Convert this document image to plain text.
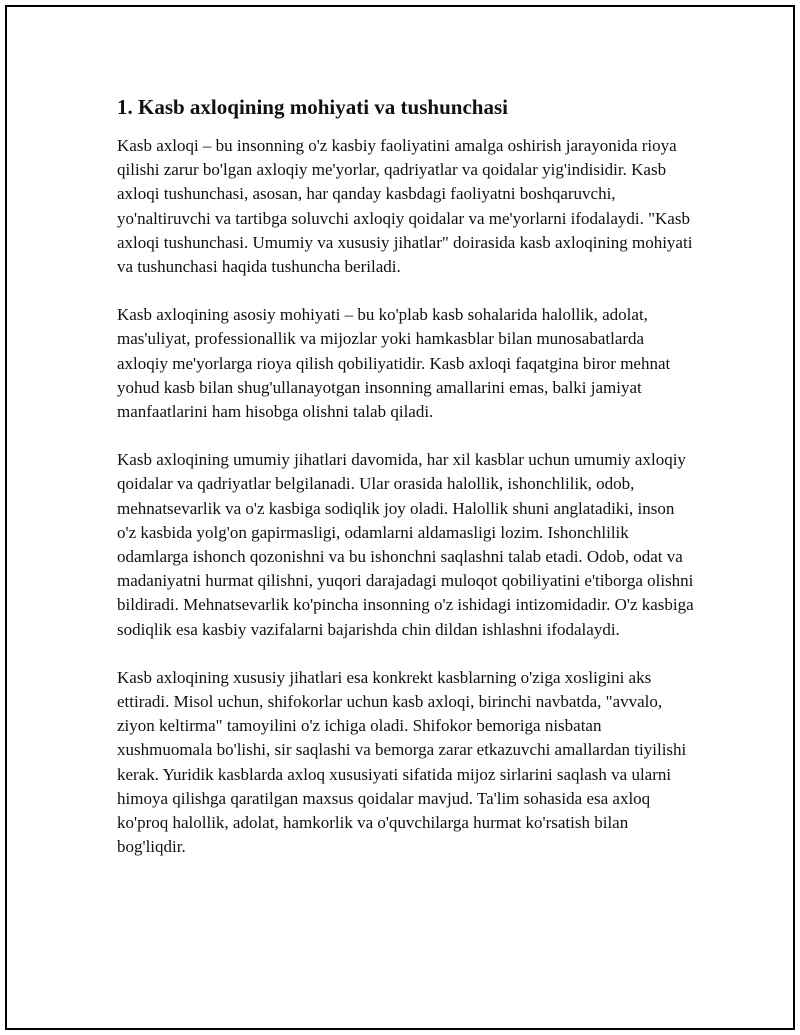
1. Kasb axloqining mohiyati va tushunchasi

Kasb axloqi – bu insonning o'z kasbiy faoliyatini amalga oshirish jarayonida rioya qilishi zarur bo'lgan axloqiy me'yorlar, qadriyatlar va qoidalar yig'indisidir. Kasb axloqi tushunchasi, asosan, har qanday kasbdagi faoliyatni boshqaruvchi, yo'naltiruvchi va tartibga soluvchi axloqiy qoidalar va me'yorlarni ifodalaydi. "Kasb axloqi tushunchasi. Umumiy va xususiy jihatlar" doirasida kasb axloqining mohiyati va tushunchasi haqida tushuncha beriladi.

Kasb axloqining asosiy mohiyati – bu ko'plab kasb sohalarida halollik, adolat, mas'uliyat, professionallik va mijozlar yoki hamkasblar bilan munosabatlarda axloqiy me'yorlarga rioya qilish qobiliyatidir. Kasb axloqi faqatgina biror mehnat yohud kasb bilan shug'ullanayotgan insonning amallarini emas, balki jamiyat manfaatlarini ham hisobga olishni talab qiladi.

Kasb axloqining umumiy jihatlari davomida, har xil kasblar uchun umumiy axloqiy qoidalar va qadriyatlar belgilanadi. Ular orasida halollik, ishonchlilik, odob, mehnatsevarlik va o'z kasbiga sodiqlik joy oladi. Halollik shuni anglatadiki, inson o'z kasbida yolg'on gapirmasligi, odamlarni aldamasligi lozim. Ishonchlilik odamlarga ishonch qozonishni va bu ishonchni saqlashni talab etadi. Odob, odat va madaniyatni hurmat qilishni, yuqori darajadagi muloqot qobiliyatini e'tiborga olishni bildiradi. Mehnatsevarlik ko'pincha insonning o'z ishidagi intizomidadir. O'z kasbiga sodiqlik esa kasbiy vazifalarni bajarishda chin dildan ishlashni ifodalaydi.

Kasb axloqining xususiy jihatlari esa konkrekt kasblarning o'ziga xosligini aks ettiradi. Misol uchun, shifokorlar uchun kasb axloqi, birinchi navbatda, "avvalo, ziyon keltirma" tamoyilini o'z ichiga oladi. Shifokor bemoriga nisbatan xushmuomala bo'lishi, sir saqlashi va bemorga zarar etkazuvchi amallardan tiyilishi kerak. Yuridik kasblarda axloq xususiyati sifatida mijoz sirlarini saqlash va ularni himoya qilishga qaratilgan maxsus qoidalar mavjud. Ta'lim sohasida esa axloq ko'proq halollik, adolat, hamkorlik va o'quvchilarga hurmat ko'rsatish bilan bog'liqdir.
